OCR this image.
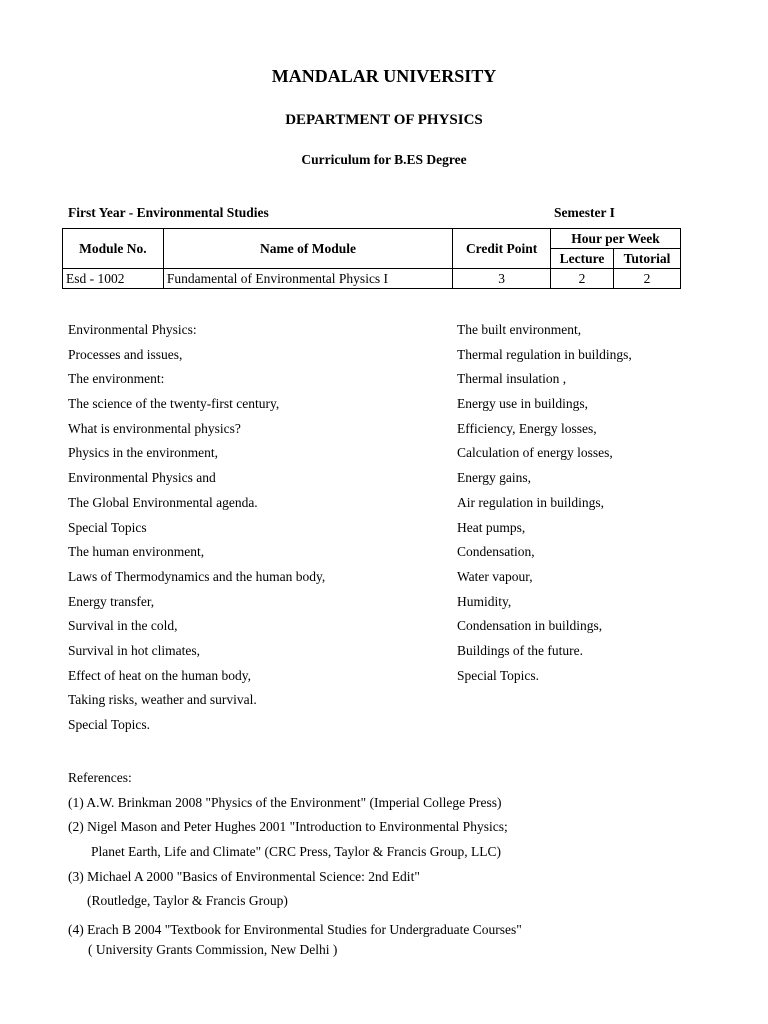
MANDALAR UNIVERSITY
DEPARTMENT OF PHYSICS
Curriculum for B.ES Degree
First Year - Environmental Studies	Semester I
Module No.	Name of Module	Credit Point	Hour per Week	
			Lecture	Tutorial
Esd - 1002	Fundamental of Environmental Physics I	3	2	2
Environmental Physics:
Processes and issues,
The environment:
The science of the twenty-first century,
What is environmental physics?
Physics in the environment,
Environmental Physics and
The Global Environmental agenda.
Special Topics
The human environment,
Laws of Thermodynamics and the human body,
Energy transfer,
Survival in the cold,
Survival in hot climates,
Effect of heat on the human body,
Taking risks, weather and survival.
Special Topics.
The built environment,
Thermal regulation in buildings,
Thermal insulation ,
Energy use in buildings,
Efficiency, Energy losses,
Calculation of energy losses,
Energy gains,
Air regulation in buildings,
Heat pumps,
Condensation,
Water vapour,
Humidity,
Condensation in buildings,
Buildings of the future.
Special Topics.
References:
(1) A.W. Brinkman 2008 "Physics of the Environment" (Imperial College Press)
(2) Nigel Mason and Peter Hughes 2001 "Introduction to Environmental Physics;
Planet Earth, Life and Climate" (CRC Press, Taylor & Francis Group, LLC)
(3) Michael A 2000 "Basics of Environmental Science: 2nd Edit"
(Routledge, Taylor & Francis Group)
(4) Erach B 2004 "Textbook for Environmental Studies for Undergraduate Courses"
( University Grants Commission, New Delhi )
